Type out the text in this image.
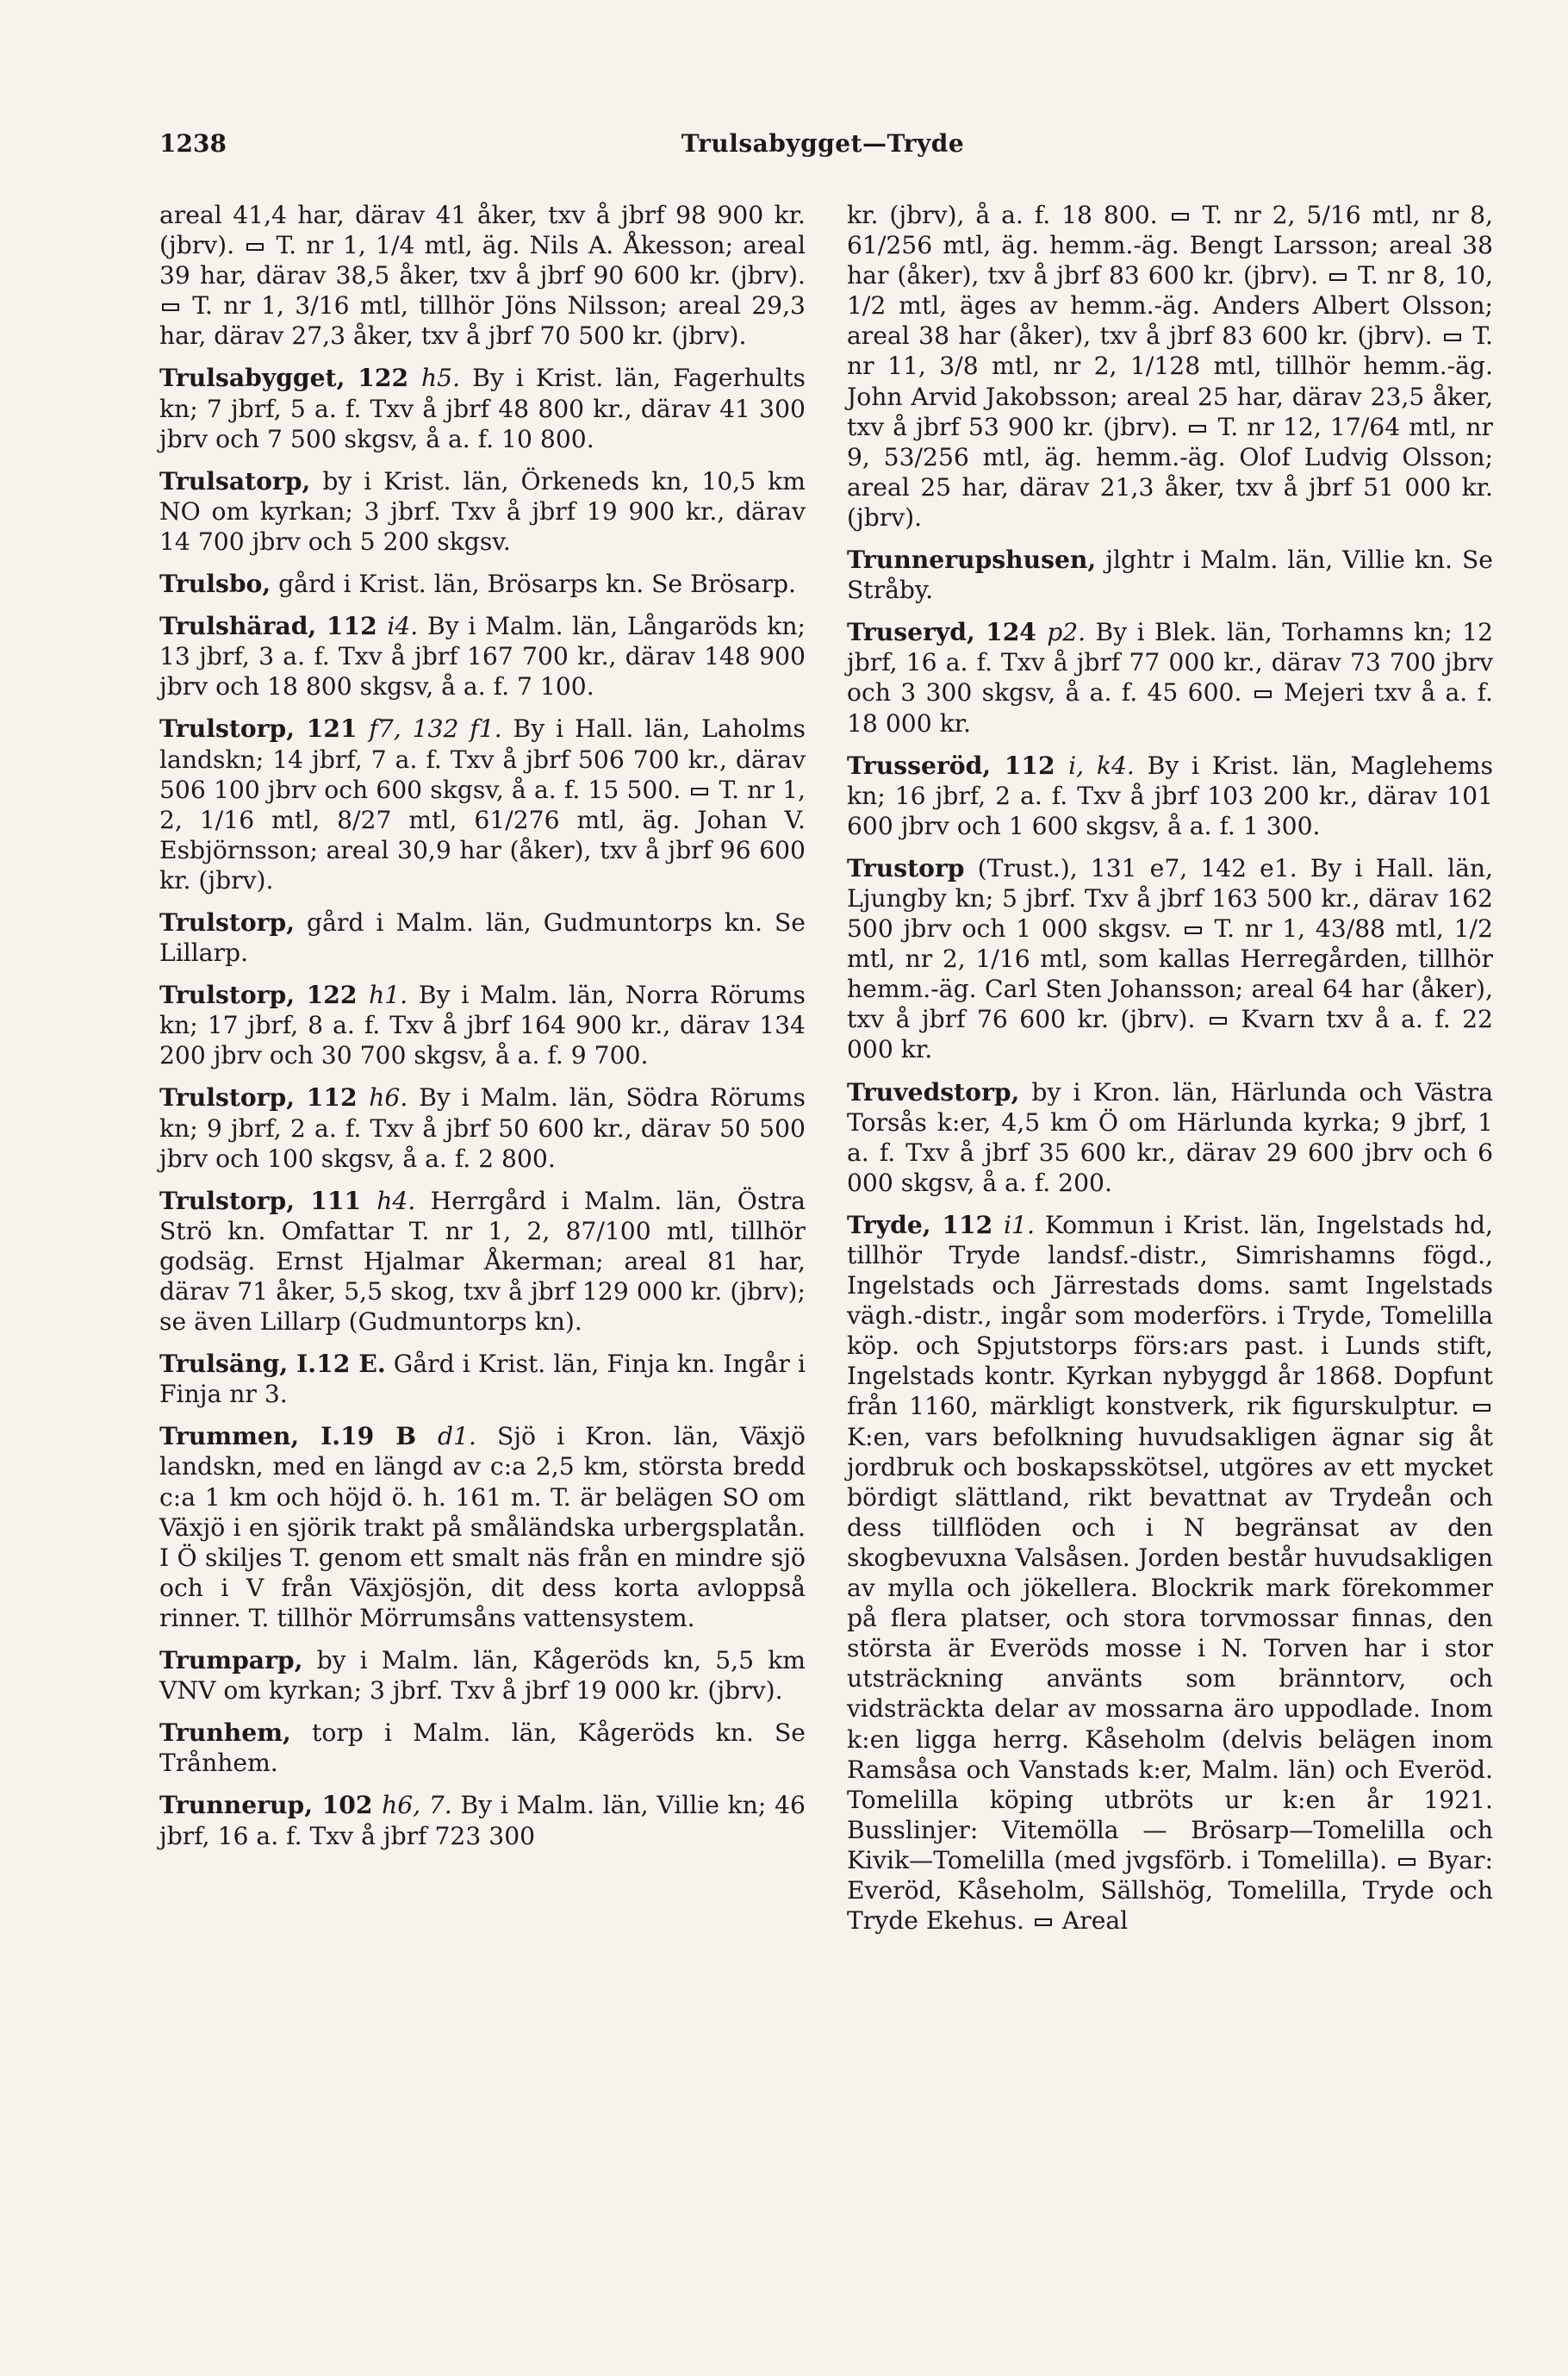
1238	Trulsabygget—Tryde

areal 41,4 har, därav 41 åker, txv å jbrf 98 900 kr. (jbrv). T. nr 1, 1/4 mtl, äg. Nils A. Åkesson; areal 39 har, därav 38,5 åker, txv å jbrf 90 600 kr. (jbrv).  T. nr 1, 3/16 mtl, tillhör Jöns Nilsson; areal 29,3 har, därav 27,3 åker, txv å jbrf 70 500 kr. (jbrv).

Trulsabygget, 122 h5. By i Krist. län, Fagerhults kn; 7 jbrf, 5 a. f. Txv å jbrf 48 800 kr., därav 41 300 jbrv och 7 500 skgsv, å a. f. 10 800.

Trulsatorp, by i Krist. län, Örkeneds kn, 10,5 km NO om kyrkan; 3 jbrf. Txv å jbrf 19 900 kr., därav 14 700 jbrv och 5 200 skgsv.

Trulsbo, gård i Krist. län, Brösarps kn. Se Brösarp.

Trulshärad, 112 i4. By i Malm. län, Långaröds kn; 13 jbrf, 3 a. f. Txv å jbrf 167 700 kr., därav 148 900 jbrv och 18 800 skgsv, å a. f. 7 100.

Trulstorp, 121 f7, 132 f1. By i Hall. län, Laholms landskn; 14 jbrf, 7 a. f. Txv å jbrf 506 700 kr., därav 506 100 jbrv och 600 skgsv, å a. f. 15 500. T. nr 1, 2, 1/16 mtl, 8/27 mtl, 61/276 mtl, äg. Johan V. Esbjörnsson; areal 30,9 har (åker), txv å jbrf 96 600 kr. (jbrv).

Trulstorp, gård i Malm. län, Gudmuntorps kn. Se Lillarp.

Trulstorp, 122 h1. By i Malm. län, Norra Rörums kn; 17 jbrf, 8 a. f. Txv å jbrf 164 900 kr., därav 134 200 jbrv och 30 700 skgsv, å a. f. 9 700.

Trulstorp, 112 h6. By i Malm. län, Södra Rörums kn; 9 jbrf, 2 a. f. Txv å jbrf 50 600 kr., därav 50 500 jbrv och 100 skgsv, å a. f. 2 800.

Trulstorp, 111 h4. Herrgård i Malm. län, Östra Strö kn. Omfattar T. nr 1, 2, 87/100 mtl, tillhör godsäg. Ernst Hjalmar Åkerman; areal 81 har, därav 71 åker, 5,5 skog, txv å jbrf 129 000 kr. (jbrv); se även Lillarp (Gudmuntorps kn).

Trulsäng, I.12 E. Gård i Krist. län, Finja kn. Ingår i Finja nr 3.

Trummen, I.19 B d1. Sjö i Kron. län, Växjö landskn, med en längd av c:a 2,5 km, största bredd c:a 1 km och höjd ö. h. 161 m. T. är belägen SO om Växjö i en sjörik trakt på småländska urbergsplatån. I Ö skiljes T. genom ett smalt näs från en mindre sjö och i V från Växjösjön, dit dess korta avloppså rinner. T. tillhör Mörrumsåns vattensystem.

Trumparp, by i Malm. län, Kågeröds kn, 5,5 km VNV om kyrkan; 3 jbrf. Txv å jbrf 19 000 kr. (jbrv).

Trunhem, torp i Malm. län, Kågeröds kn. Se Trånhem.

Trunnerup, 102 h6, 7. By i Malm. län, Villie kn; 46 jbrf, 16 a. f. Txv å jbrf 723 300

kr. (jbrv), å a. f. 18 800. T. nr 2, 5/16 mtl, nr 8, 61/256 mtl, äg. hemm.-äg. Bengt Larsson; areal 38 har (åker), txv å jbrf 83 600 kr. (jbrv). T. nr 8, 10, 1/2 mtl, äges av hemm.-äg. Anders Albert Olsson; areal 38 har (åker), txv å jbrf 83 600 kr. (jbrv). T. nr 11, 3/8 mtl, nr 2, 1/128 mtl, tillhör hemm.-äg. John Arvid Jakobsson; areal 25 har, därav 23,5 åker, txv å jbrf 53 900 kr. (jbrv). T. nr 12, 17/64 mtl, nr 9, 53/256 mtl, äg. hemm.-äg. Olof Ludvig Olsson; areal 25 har, därav 21,3 åker, txv å jbrf 51 000 kr. (jbrv).

Trunnerupshusen, jlghtr i Malm. län, Villie kn. Se Stråby.

Truseryd, 124 p2. By i Blek. län, Torhamns kn; 12 jbrf, 16 a. f. Txv å jbrf 77 000 kr., därav 73 700 jbrv och 3 300 skgsv, å a. f. 45 600. Mejeri txv å a. f. 18 000 kr.

Trusseröd, 112 i, k4. By i Krist. län, Maglehems kn; 16 jbrf, 2 a. f. Txv å jbrf 103 200 kr., därav 101 600 jbrv och 1 600 skgsv, å a. f. 1 300.

Trustorp (Trust.), 131 e7, 142 e1. By i Hall. län, Ljungby kn; 5 jbrf. Txv å jbrf 163 500 kr., därav 162 500 jbrv och 1 000 skgsv. T. nr 1, 43/88 mtl, 1/2 mtl, nr 2, 1/16 mtl, som kallas Herregården, tillhör hemm.-äg. Carl Sten Johansson; areal 64 har (åker), txv å jbrf 76 600 kr. (jbrv). Kvarn txv å a. f. 22 000 kr.

Truvedstorp, by i Kron. län, Härlunda och Västra Torsås k:er, 4,5 km Ö om Härlunda kyrka; 9 jbrf, 1 a. f. Txv å jbrf 35 600 kr., därav 29 600 jbrv och 6 000 skgsv, å a. f. 200.

Tryde, 112 i1. Kommun i Krist. län, Ingelstads hd, tillhör Tryde landsf.-distr., Simrishamns fögd., Ingelstads och Järrestads doms. samt Ingelstads vägh.-distr., ingår som moderförs. i Tryde, Tomelilla köp. och Spjutstorps förs:ars past. i Lunds stift, Ingelstads kontr. Kyrkan nybyggd år 1868. Dopfunt från 1160, märkligt konstverk, rik figurskulptur.  K:en, vars befolkning huvudsakligen ägnar sig åt jordbruk och boskapsskötsel, utgöres av ett mycket bördigt slättland, rikt bevattnat av Trydeån och dess tillflöden och i N begränsat av den skogbevuxna Valsåsen. Jorden består huvudsakligen av mylla och jökellera. Blockrik mark förekommer på flera platser, och stora torvmossar finnas, den största är Everöds mosse i N. Torven har i stor utsträckning använts som bränntorv, och vidsträckta delar av mossarna äro uppodlade. Inom k:en ligga herrg. Kåseholm (delvis belägen inom Ramsåsa och Vanstads k:er, Malm. län) och Everöd. Tomelilla köping utbröts ur k:en år 1921. Busslinjer: Vitemölla — Brösarp—Tomelilla och Kivik—Tomelilla (med jvgsförb. i Tomelilla). Byar: Everöd, Kåseholm, Sällshög, Tomelilla, Tryde och Tryde Ekehus. Areal
